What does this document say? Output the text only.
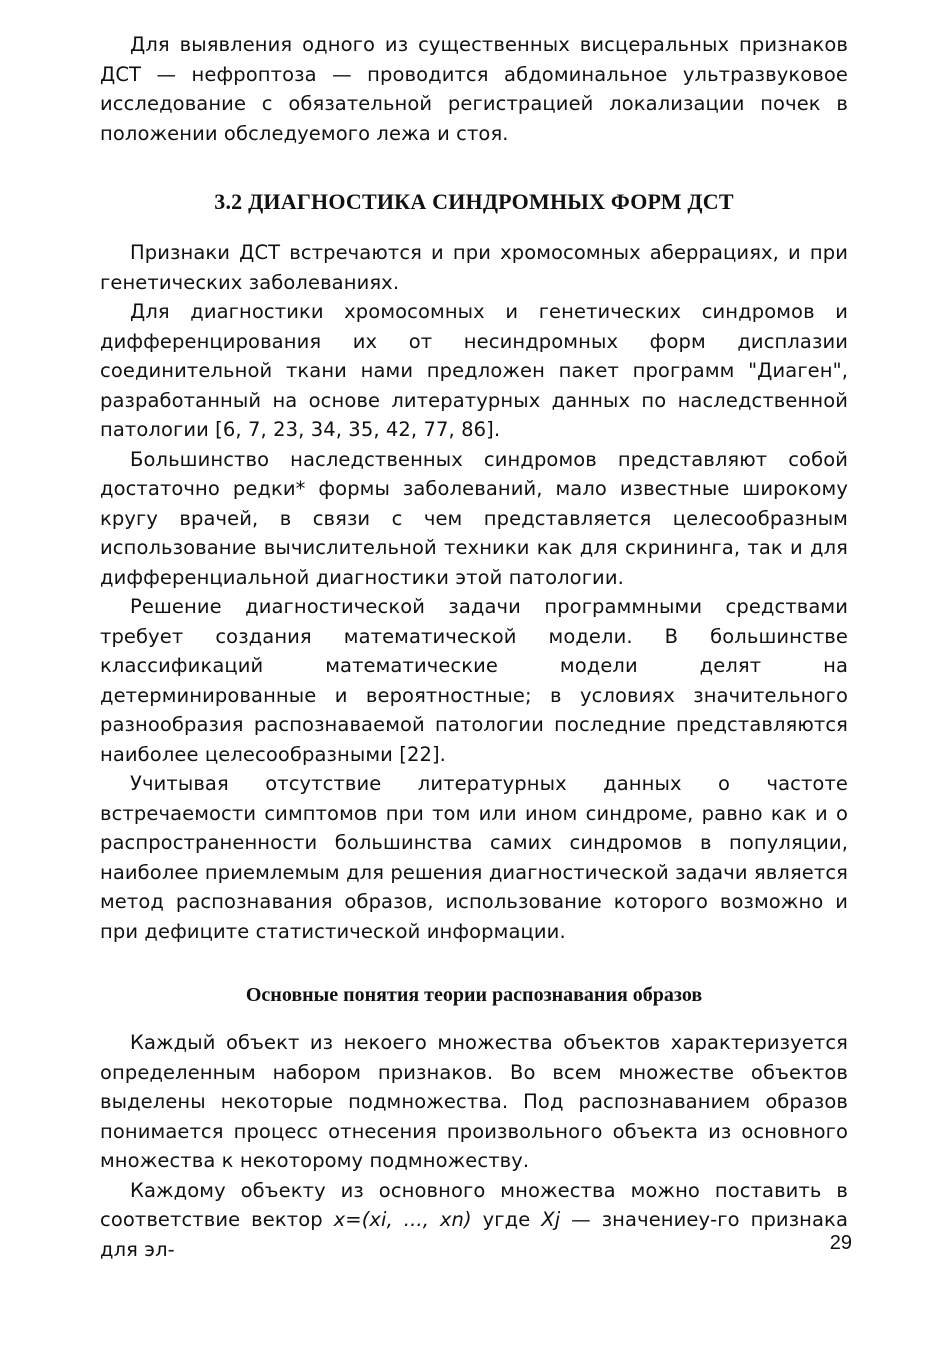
Для выявления одного из существенных висцеральных признаков ДСТ — нефроптоза — проводится абдоминальное ультразвуковое исследование с обязательной регистрацией локализации почек в положении обследуемого лежа и стоя.

3.2 ДИАГНОСТИКА СИНДРОМНЫХ ФОРМ ДСТ

Признаки ДСТ встречаются и при хромосомных аберрациях, и при генетических заболеваниях.

Для диагностики хромосомных и генетических синдромов и дифференцирования их от несиндромных форм дисплазии соединительной ткани нами предложен пакет программ "Диаген", разработанный на основе литературных данных по наследственной патологии [6, 7, 23, 34, 35, 42, 77, 86].

Большинство наследственных синдромов представляют собой достаточно редки* формы заболеваний, мало известные широкому кругу врачей, в связи с чем представляется целесообразным использование вычислительной техники как для скрининга, так и для дифференциальной диагностики этой патологии.

Решение диагностической задачи программными средствами требует создания математической модели. В большинстве классификаций математические модели делят на детерминированные и вероятностные; в условиях значительного разнообразия распознаваемой патологии последние представляются наиболее целесообразными [22].

Учитывая отсутствие литературных данных о частоте встречаемости симптомов при том или ином синдроме, равно как и о распространенности большинства самих синдромов в популяции, наиболее приемлемым для решения диагностической задачи является метод распознавания образов, использование которого возможно и при дефиците статистической информации.

Основные понятия теории распознавания образов

Каждый объект из некоего множества объектов характеризуется определенным набором признаков. Во всем множестве объектов выделены некоторые подмножества. Под распознаванием образов понимается процесс отнесения произвольного объекта из основного множества к некоторому подмножеству.

Каждому объекту из основного множества можно поставить в соответствие вектор x=(xi, ..., xn) угде Xj — значениеу-го признака для эл-	29
